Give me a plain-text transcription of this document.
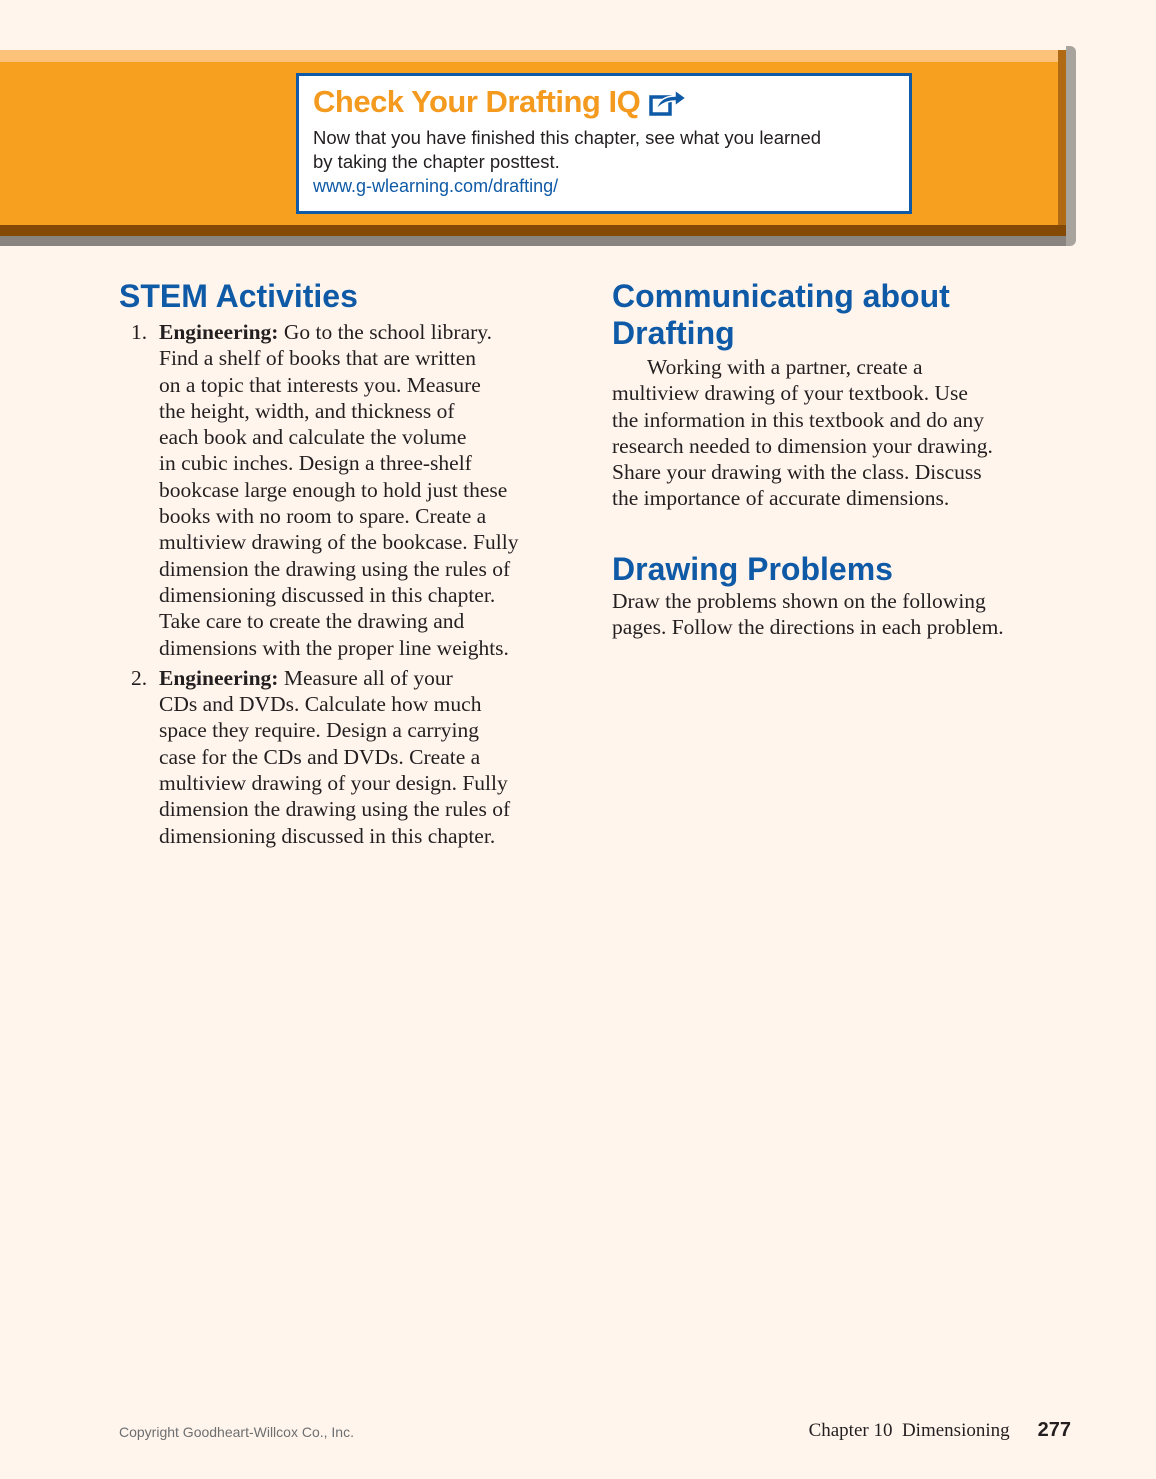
Check Your Drafting IQ
Now that you have finished this chapter, see what you learned
by taking the chapter posttest.
www.g-wlearning.com/drafting/
STEM Activities
1. Engineering: Go to the school library.
Find a shelf of books that are written
on a topic that interests you. Measure
the height, width, and thickness of
each book and calculate the volume
in cubic inches. Design a three-shelf
bookcase large enough to hold just these
books with no room to spare. Create a
multiview drawing of the bookcase. Fully
dimension the drawing using the rules of
dimensioning discussed in this chapter.
Take care to create the drawing and
dimensions with the proper line weights.
2. Engineering: Measure all of your
CDs and DVDs. Calculate how much
space they require. Design a carrying
case for the CDs and DVDs. Create a
multiview drawing of your design. Fully
dimension the drawing using the rules of
dimensioning discussed in this chapter.
Communicating about
Drafting
Working with a partner, create a
multiview drawing of your textbook. Use
the information in this textbook and do any
research needed to dimension your drawing.
Share your drawing with the class. Discuss
the importance of accurate dimensions.
Drawing Problems
Draw the problems shown on the following
pages. Follow the directions in each problem.
Copyright Goodheart-Willcox Co., Inc.	Chapter 10  Dimensioning 277
